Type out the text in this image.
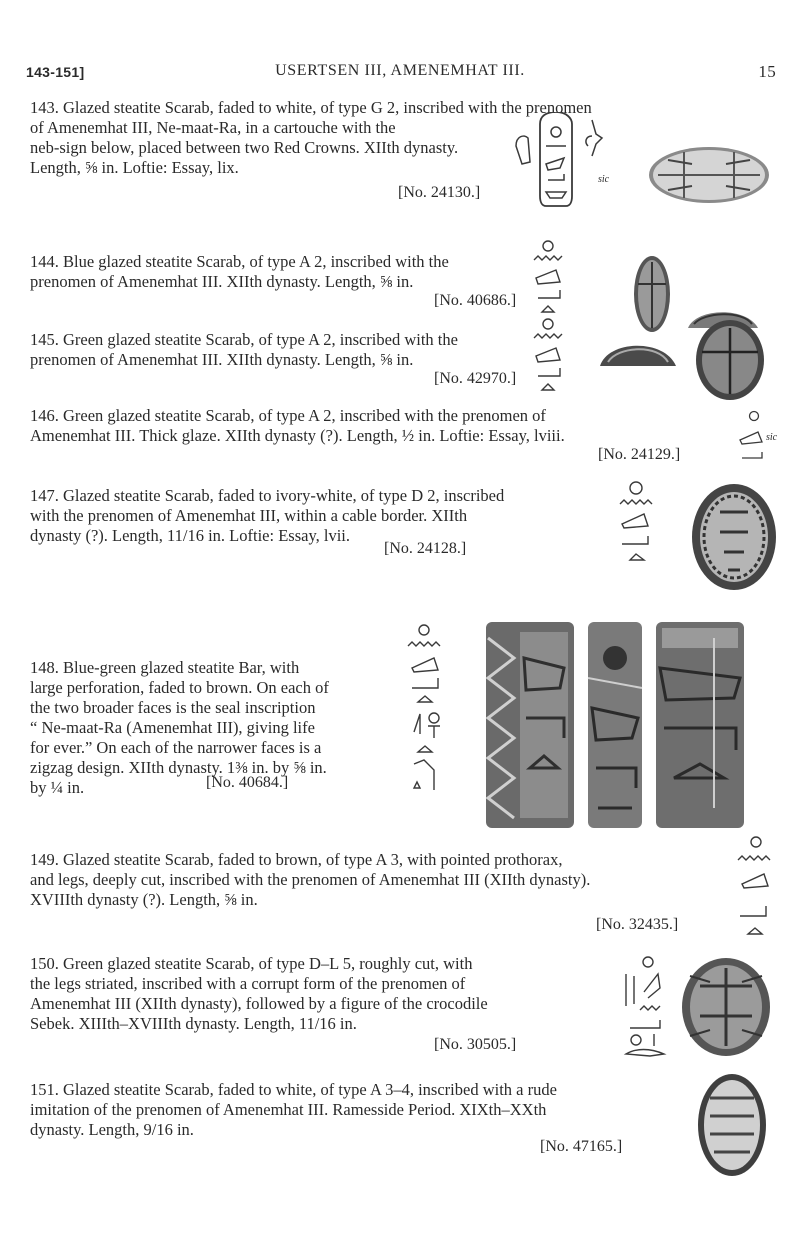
143-151]	USERTSEN III, AMENEMHAT III.	15

143. Glazed steatite Scarab, faded to white, of type G 2, inscribed with the prenomen

of Amenemhat III, Ne-maat-Ra, in a cartouche with the

neb-sign below, placed between two Red Crowns. XIIth dynasty.

Length, ⅝ in. Loftie: Essay, lix.

[No. 24130.]
sic

144. Blue glazed steatite Scarab, of type A 2, inscribed with the

prenomen of Amenemhat III. XIIth dynasty. Length, ⅝ in.

[No. 40686.]

145. Green glazed steatite Scarab, of type A 2, inscribed with the

prenomen of Amenemhat III. XIIth dynasty. Length, ⅝ in.

[No. 42970.]

146. Green glazed steatite Scarab, of type A 2, inscribed with the prenomen of

Amenemhat III. Thick glaze. XIIth dynasty (?). Length, ½ in. Loftie: Essay, lviii.

[No. 24129.]
sic

147. Glazed steatite Scarab, faded to ivory-white, of type D 2, inscribed

with the prenomen of Amenemhat III, within a cable border. XIIth

dynasty (?). Length, 11/16 in. Loftie: Essay, lvii.

[No. 24128.]

148. Blue-green glazed steatite Bar, with

large perforation, faded to brown. On each of

the two broader faces is the seal inscription

“ Ne-maat-Ra (Amenemhat III), giving life

for ever.” On each of the narrower faces is a

zigzag design. XIIth dynasty. 1⅜ in. by ⅝ in.

by ¼ in.	[No. 40684.]

149. Glazed steatite Scarab, faded to brown, of type A 3, with pointed prothorax,

and legs, deeply cut, inscribed with the prenomen of Amenemhat III (XIIth dynasty).

XVIIIth dynasty (?). Length, ⅝ in.

[No. 32435.]

150. Green glazed steatite Scarab, of type D–L 5, roughly cut, with

the legs striated, inscribed with a corrupt form of the prenomen of

Amenemhat III (XIIth dynasty), followed by a figure of the crocodile

Sebek. XIIIth–XVIIIth dynasty. Length, 11/16 in.

[No. 30505.]

151. Glazed steatite Scarab, faded to white, of type A 3–4, inscribed with a rude

imitation of the prenomen of Amenemhat III. Ramesside Period. XIXth–XXth

dynasty. Length, 9/16 in.

[No. 47165.]
